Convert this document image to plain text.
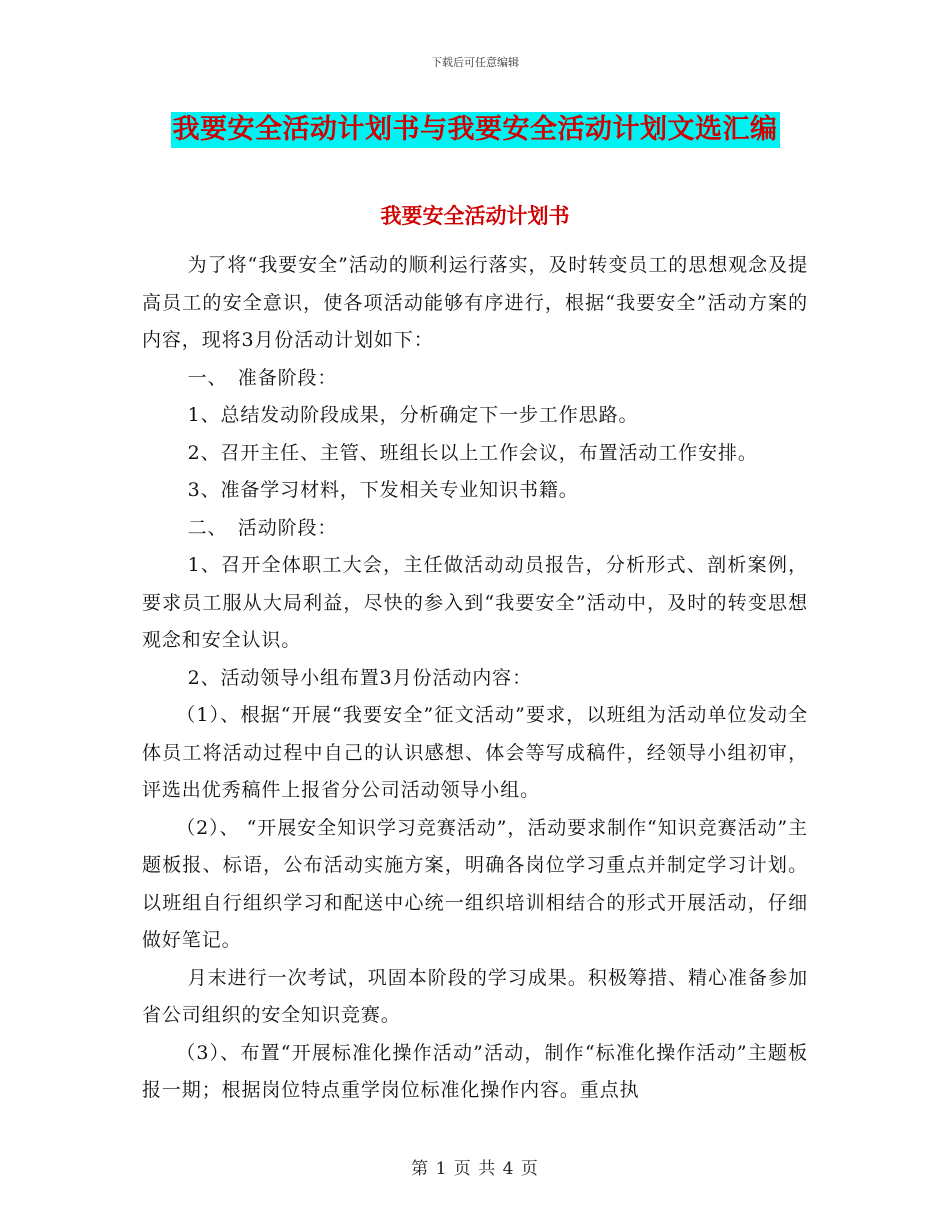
下载后可任意编辑
我要安全活动计划书与我要安全活动计划文选汇编
我要安全活动计划书

为了将“我要安全”活动的顺利运行落实，及时转变员工的思想观念及提高员工的安全意识，使各项活动能够有序进行，根据“我要安全”活动方案的内容，现将3月份活动计划如下：

一、　准备阶段：

1、总结发动阶段成果，分析确定下一步工作思路。

2、召开主任、主管、班组长以上工作会议，布置活动工作安排。

3、准备学习材料，下发相关专业知识书籍。

二、　活动阶段：

1、召开全体职工大会，主任做活动动员报告，分析形式、剖析案例，要求员工服从大局利益，尽快的参入到“我要安全”活动中，及时的转变思想观念和安全认识。

2、活动领导小组布置3月份活动内容：

（1）、根据“开展“我要安全”征文活动”要求，以班组为活动单位发动全体员工将活动过程中自己的认识感想、体会等写成稿件，经领导小组初审，评选出优秀稿件上报省分公司活动领导小组。

（2）、 “开展安全知识学习竞赛活动”，活动要求制作“知识竞赛活动”主题板报、标语，公布活动实施方案，明确各岗位学习重点并制定学习计划。以班组自行组织学习和配送中心统一组织培训相结合的形式开展活动，仔细做好笔记。

月末进行一次考试，巩固本阶段的学习成果。积极筹措、精心准备参加省公司组织的安全知识竞赛。

（3）、布置“开展标准化操作活动”活动，制作“标准化操作活动”主题板报一期；根据岗位特点重学岗位标准化操作内容。重点执

第 1 页 共 4 页
